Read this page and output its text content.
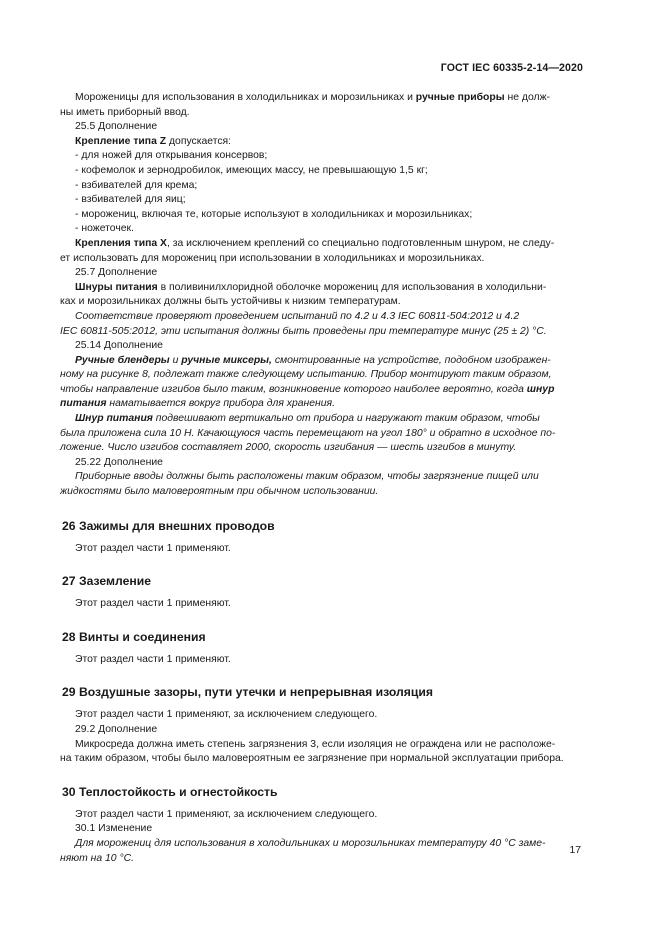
ГОСТ IEC 60335-2-14—2020
Мороженицы для использования в холодильниках и морозильниках и ручные приборы не долж-
ны иметь приборный ввод.
25.5 Дополнение
Крепление типа Z допускается:
- для ножей для открывания консервов;
- кофемолок и зернодробилок, имеющих массу, не превышающую 1,5 кг;
- взбивателей для крема;
- взбивателей для яиц;
- морожениц, включая те, которые используют в холодильниках и морозильниках;
- ножеточек.
Крепления типа Х, за исключением креплений со специально подготовленным шнуром, не следу-
ет использовать для морожениц при использовании в холодильниках и морозильниках.
25.7 Дополнение
Шнуры питания в поливинилхлоридной оболочке морожениц для использования в холодильни-
ках и морозильниках должны быть устойчивы к низким температурам.
Соответствие проверяют проведением испытаний по 4.2 и 4.3 IEC 60811-504:2012 и 4.2
IEC 60811-505:2012, эти испытания должны быть проведены при температуре минус (25 ± 2) °С.
25.14 Дополнение
Ручные блендеры и ручные миксеры, смонтированные на устройстве, подобном изображен-
ному на рисунке 8, подлежат также следующему испытанию. Прибор монтируют таким образом,
чтобы направление изгибов было таким, возникновение которого наиболее вероятно, когда шнур
питания наматывается вокруг прибора для хранения.
Шнур питания подвешивают вертикально от прибора и нагружают таким образом, чтобы
была приложена сила 10 Н. Качающуюся часть перемещают на угол 180° и обратно в исходное по-
ложение. Число изгибов составляет 2000, скорость изгибания — шесть изгибов в минуту.
25.22 Дополнение
Приборные вводы должны быть расположены таким образом, чтобы загрязнение пищей или
жидкостями было маловероятным при обычном использовании.
26 Зажимы для внешних проводов
Этот раздел части 1 применяют.
27 Заземление
Этот раздел части 1 применяют.
28 Винты и соединения
Этот раздел части 1 применяют.
29 Воздушные зазоры, пути утечки и непрерывная изоляция
Этот раздел части 1 применяют, за исключением следующего.
29.2 Дополнение
Микросреда должна иметь степень загрязнения 3, если изоляция не ограждена или не расположе-
на таким образом, чтобы было маловероятным ее загрязнение при нормальной эксплуатации прибора.
30 Теплостойкость и огнестойкость
Этот раздел части 1 применяют, за исключением следующего.
30.1 Изменение
Для морожениц для использования в холодильниках и морозильниках температуру 40 °С заме-
няют на 10 °С.
17
